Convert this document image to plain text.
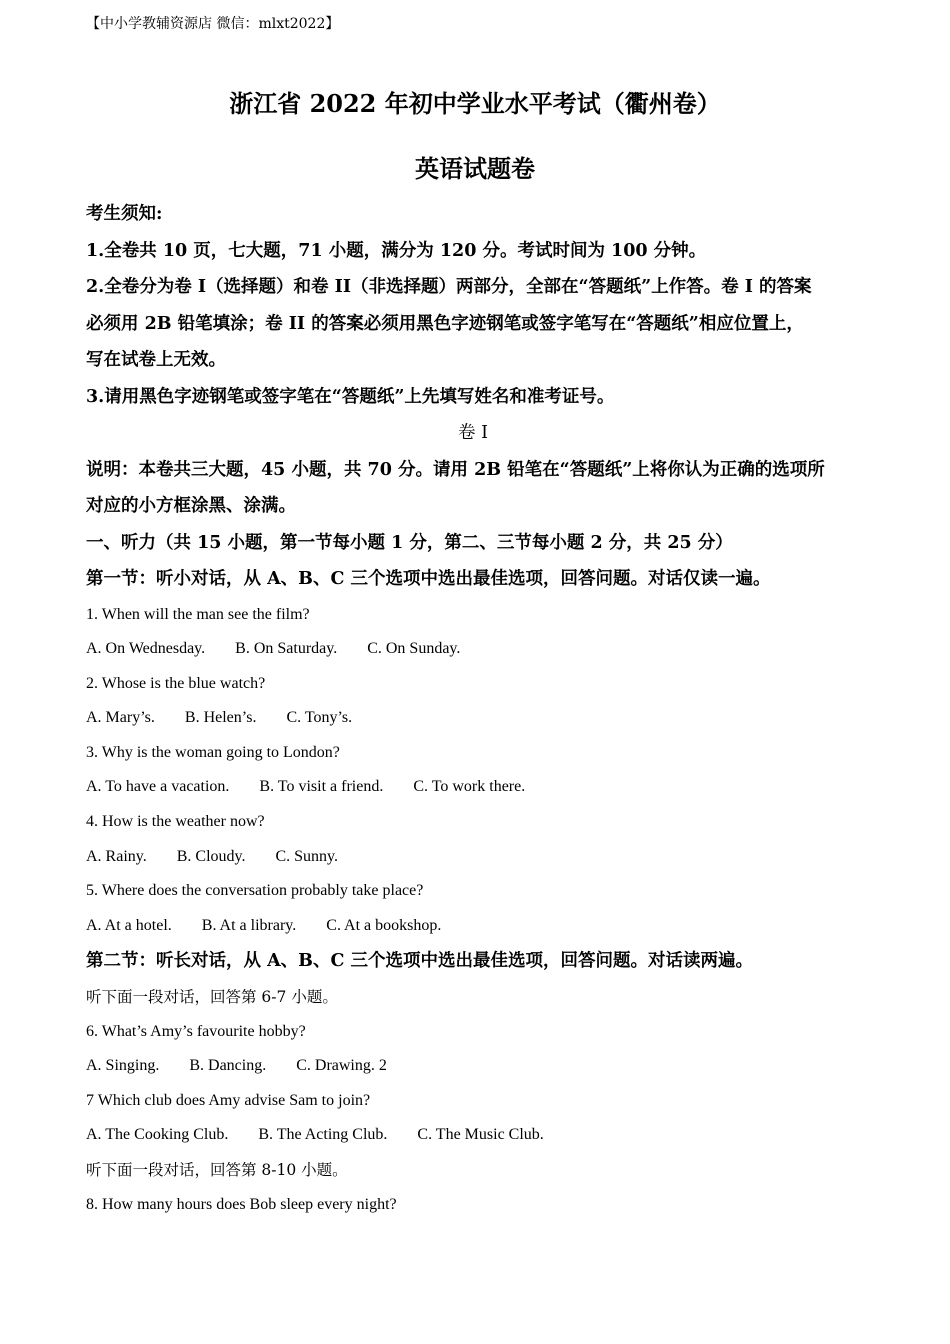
【中小学教辅资源店 微信：mlxt2022】
浙江省 2022 年初中学业水平考试（衢州卷）
英语试题卷
考生须知:
1.全卷共 10 页，七大题，71 小题，满分为 120 分。考试时间为 100 分钟。
2.全卷分为卷 I（选择题）和卷 II（非选择题）两部分，全部在“答题纸”上作答。卷 I 的答案
必须用 2B 铅笔填涂；卷 II 的答案必须用黑色字迹钢笔或签字笔写在“答题纸”相应位置上，
写在试卷上无效。
3.请用黑色字迹钢笔或签字笔在“答题纸”上先填写姓名和准考证号。
卷 Ⅰ
说明：本卷共三大题，45 小题，共 70 分。请用 2B 铅笔在“答题纸”上将你认为正确的选项所
对应的小方框涂黑、涂满。
一、听力（共 15 小题，第一节每小题 1 分，第二、三节每小题 2 分，共 25 分）
第一节：听小对话，从 A、B、C 三个选项中选出最佳选项，回答问题。对话仅读一遍。
1. When will the man see the film?
A. On Wednesday. B. On Saturday. C. On Sunday.
2. Whose is the blue watch?
A. Mary’s. B. Helen’s. C. Tony’s.
3. Why is the woman going to London?
A. To have a vacation. B. To visit a friend. C. To work there.
4. How is the weather now?
A. Rainy. B. Cloudy. C. Sunny.
5. Where does the conversation probably take place?
A. At a hotel. B. At a library. C. At a bookshop.
第二节：听长对话，从 A、B、C 三个选项中选出最佳选项，回答问题。对话读两遍。
听下面一段对话，回答第 6-7 小题。
6. What’s Amy’s favourite hobby?
A. Singing. B. Dancing. C. Drawing. 2
7 Which club does Amy advise Sam to join?
A. The Cooking Club. B. The Acting Club. C. The Music Club.
听下面一段对话，回答第 8-10 小题。
8. How many hours does Bob sleep every night?
